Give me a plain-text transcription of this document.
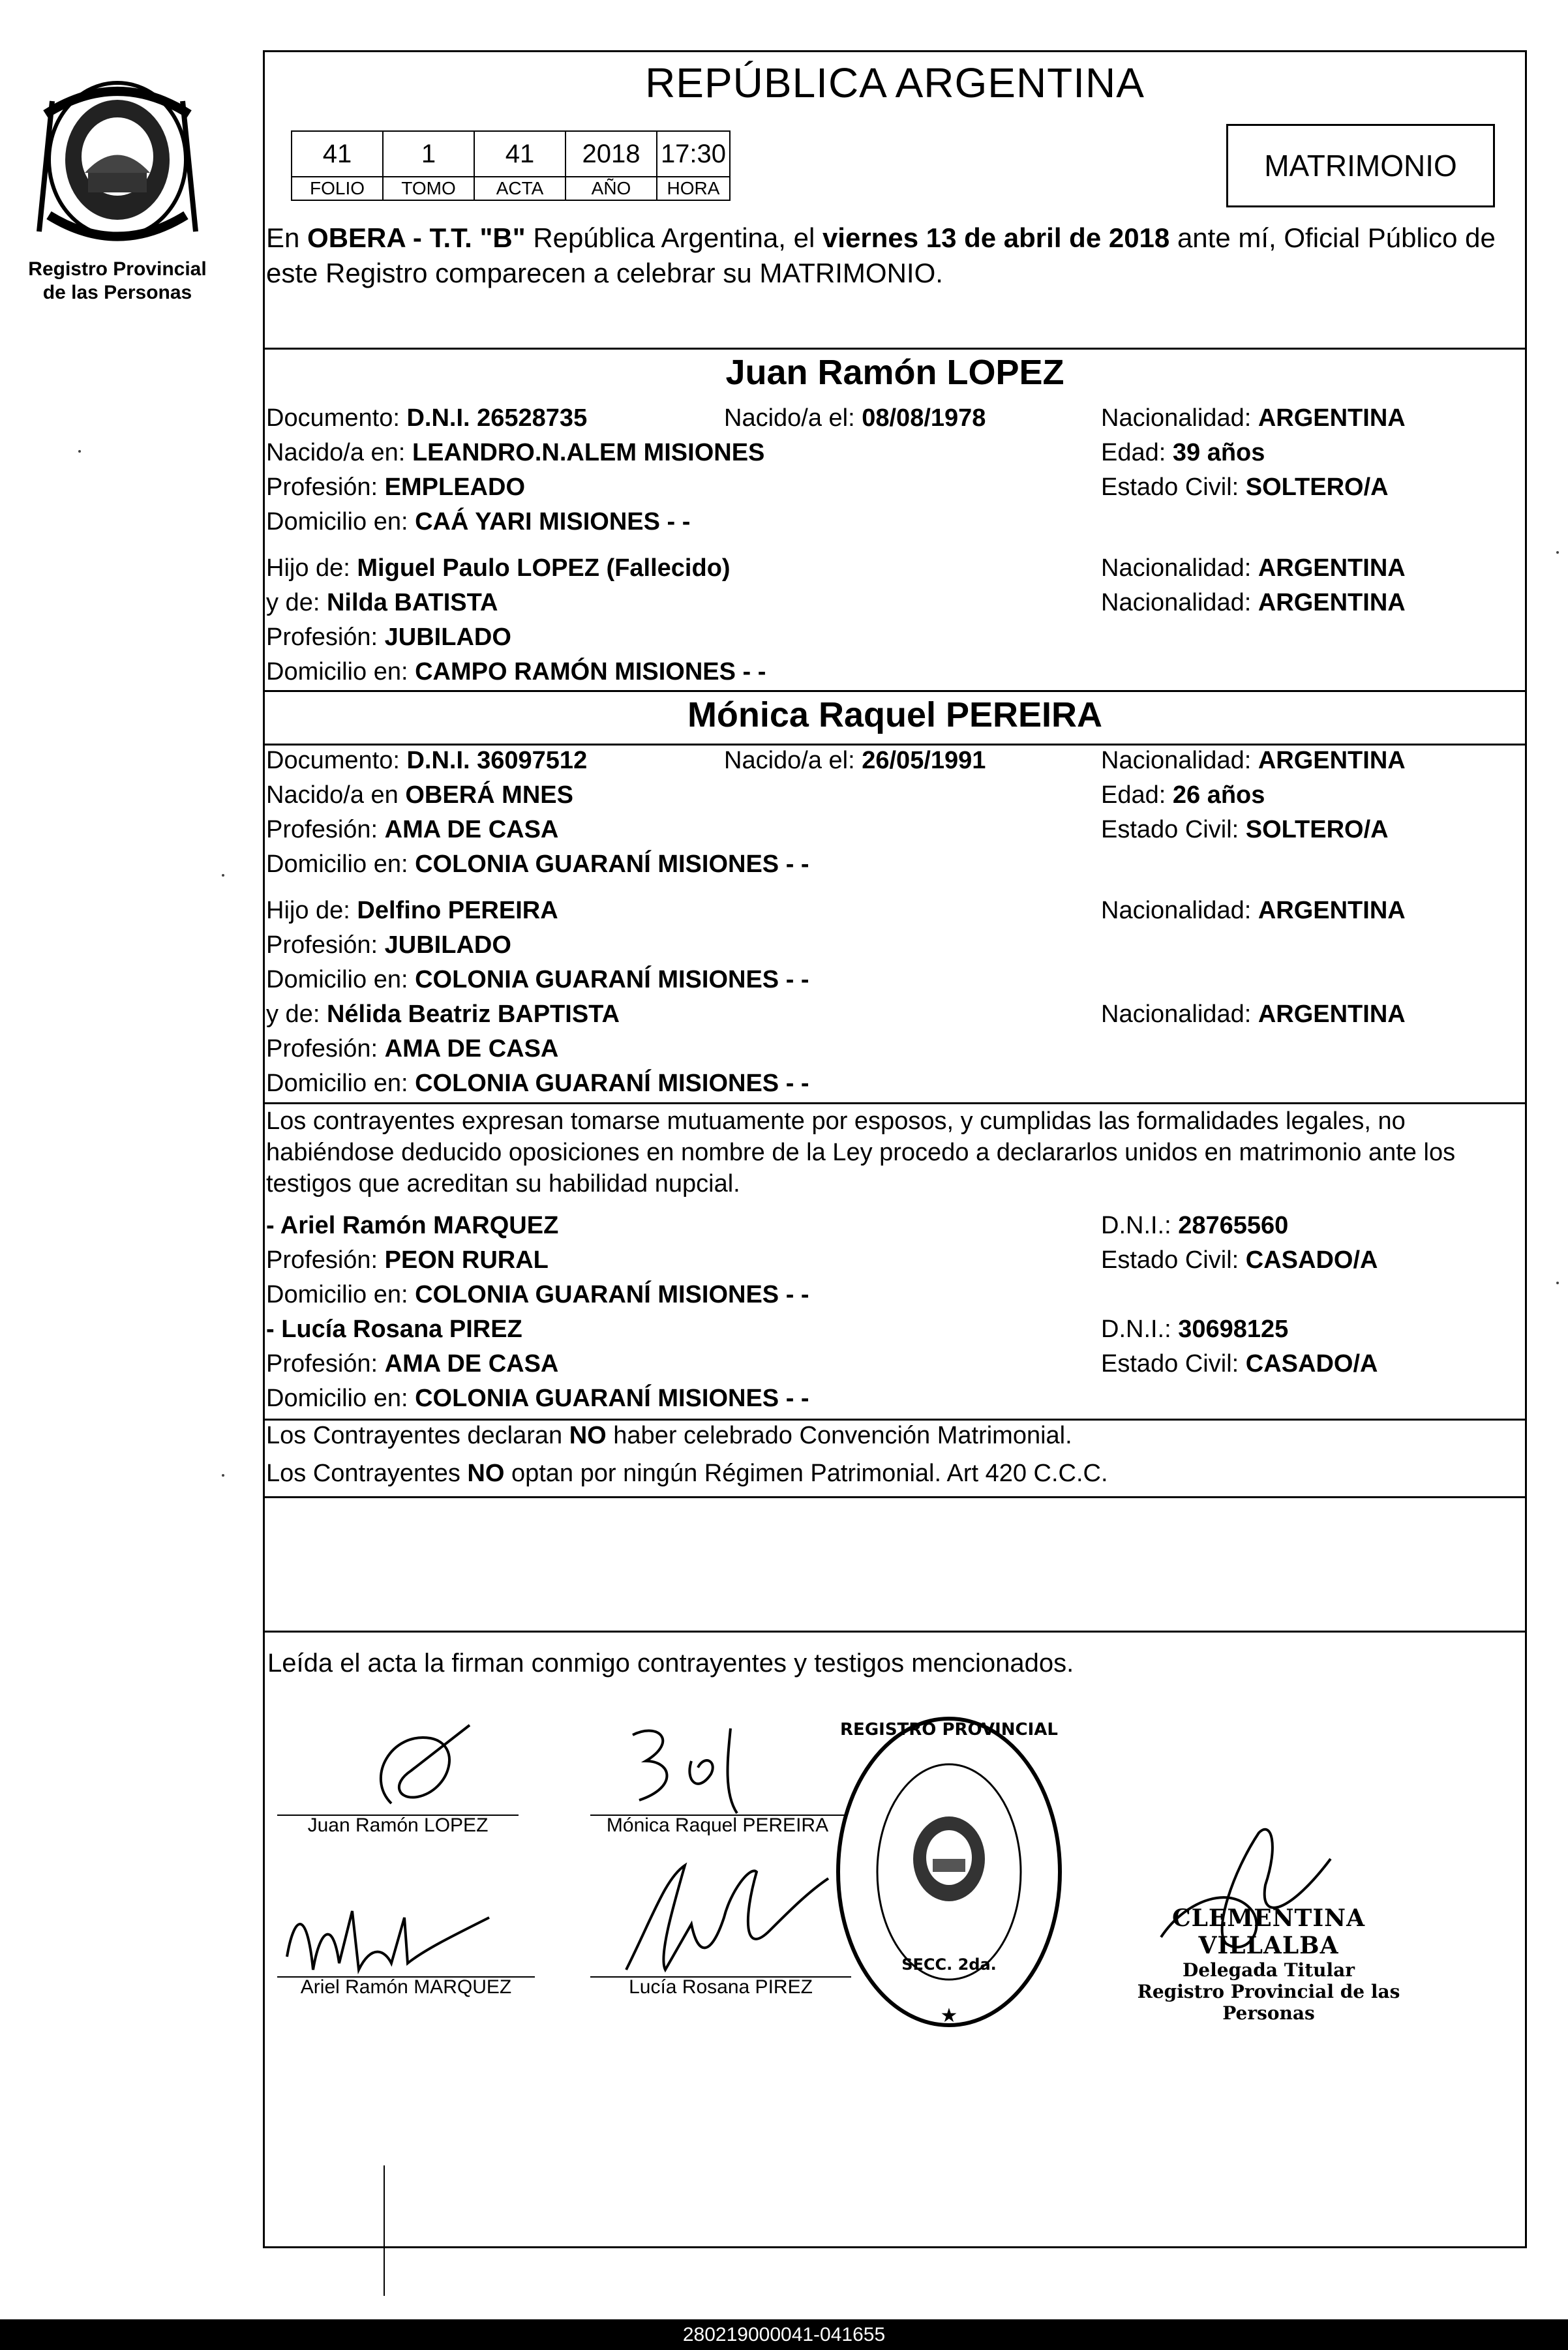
Registro Provincial
de las Personas
REPÚBLICA ARGENTINA
41	1	41	2018	17:30
FOLIO	TOMO	ACTA	AÑO	HORA
MATRIMONIO
En OBERA - T.T. "B" República Argentina, el viernes 13 de abril de 2018 ante mí, Oficial Público de este Registro comparecen a celebrar su MATRIMONIO.
Juan Ramón LOPEZ
Documento: D.N.I. 26528735	Nacido/a el: 08/08/1978	Nacionalidad: ARGENTINA
Nacido/a en: LEANDRO.N.ALEM MISIONES	Edad: 39 años
Profesión: EMPLEADO	Estado Civil: SOLTERO/A
Domicilio en: CAÁ YARI MISIONES - -
Hijo de: Miguel Paulo LOPEZ (Fallecido)	Nacionalidad: ARGENTINA
y de: Nilda BATISTA	Nacionalidad: ARGENTINA
Profesión: JUBILADO
Domicilio en: CAMPO RAMÓN MISIONES - -
Mónica Raquel PEREIRA
Documento: D.N.I. 36097512	Nacido/a el: 26/05/1991	Nacionalidad: ARGENTINA
Nacido/a en OBERÁ MNES	Edad: 26 años
Profesión: AMA DE CASA	Estado Civil: SOLTERO/A
Domicilio en: COLONIA GUARANÍ MISIONES - -
Hijo de: Delfino PEREIRA	Nacionalidad: ARGENTINA
Profesión: JUBILADO
Domicilio en: COLONIA GUARANÍ MISIONES - -
y de: Nélida Beatriz BAPTISTA	Nacionalidad: ARGENTINA
Profesión: AMA DE CASA
Domicilio en: COLONIA GUARANÍ MISIONES - -
Los contrayentes expresan tomarse mutuamente por esposos, y cumplidas las formalidades legales, no habiéndose deducido oposiciones en nombre de la Ley procedo a declararlos unidos en matrimonio ante los testigos que acreditan su habilidad nupcial.
- Ariel Ramón MARQUEZ	D.N.I.: 28765560
Profesión: PEON RURAL	Estado Civil: CASADO/A
Domicilio en: COLONIA GUARANÍ MISIONES - -
- Lucía Rosana PIREZ	D.N.I.: 30698125
Profesión: AMA DE CASA	Estado Civil: CASADO/A
Domicilio en: COLONIA GUARANÍ MISIONES - -
Los Contrayentes declaran NO haber celebrado Convención Matrimonial.
Los Contrayentes NO optan por ningún Régimen Patrimonial. Art 420 C.C.C.
Leída el acta la firman conmigo contrayentes y testigos mencionados.
Juan Ramón LOPEZ	Mónica Raquel PEREIRA
Ariel Ramón MARQUEZ	Lucía Rosana PIREZ
REGISTRO PROVINCIAL
SECC. 2da.
★
CLEMENTINA VILLALBA
Delegada Titular
Registro Provincial de las Personas
280219000041-041655
